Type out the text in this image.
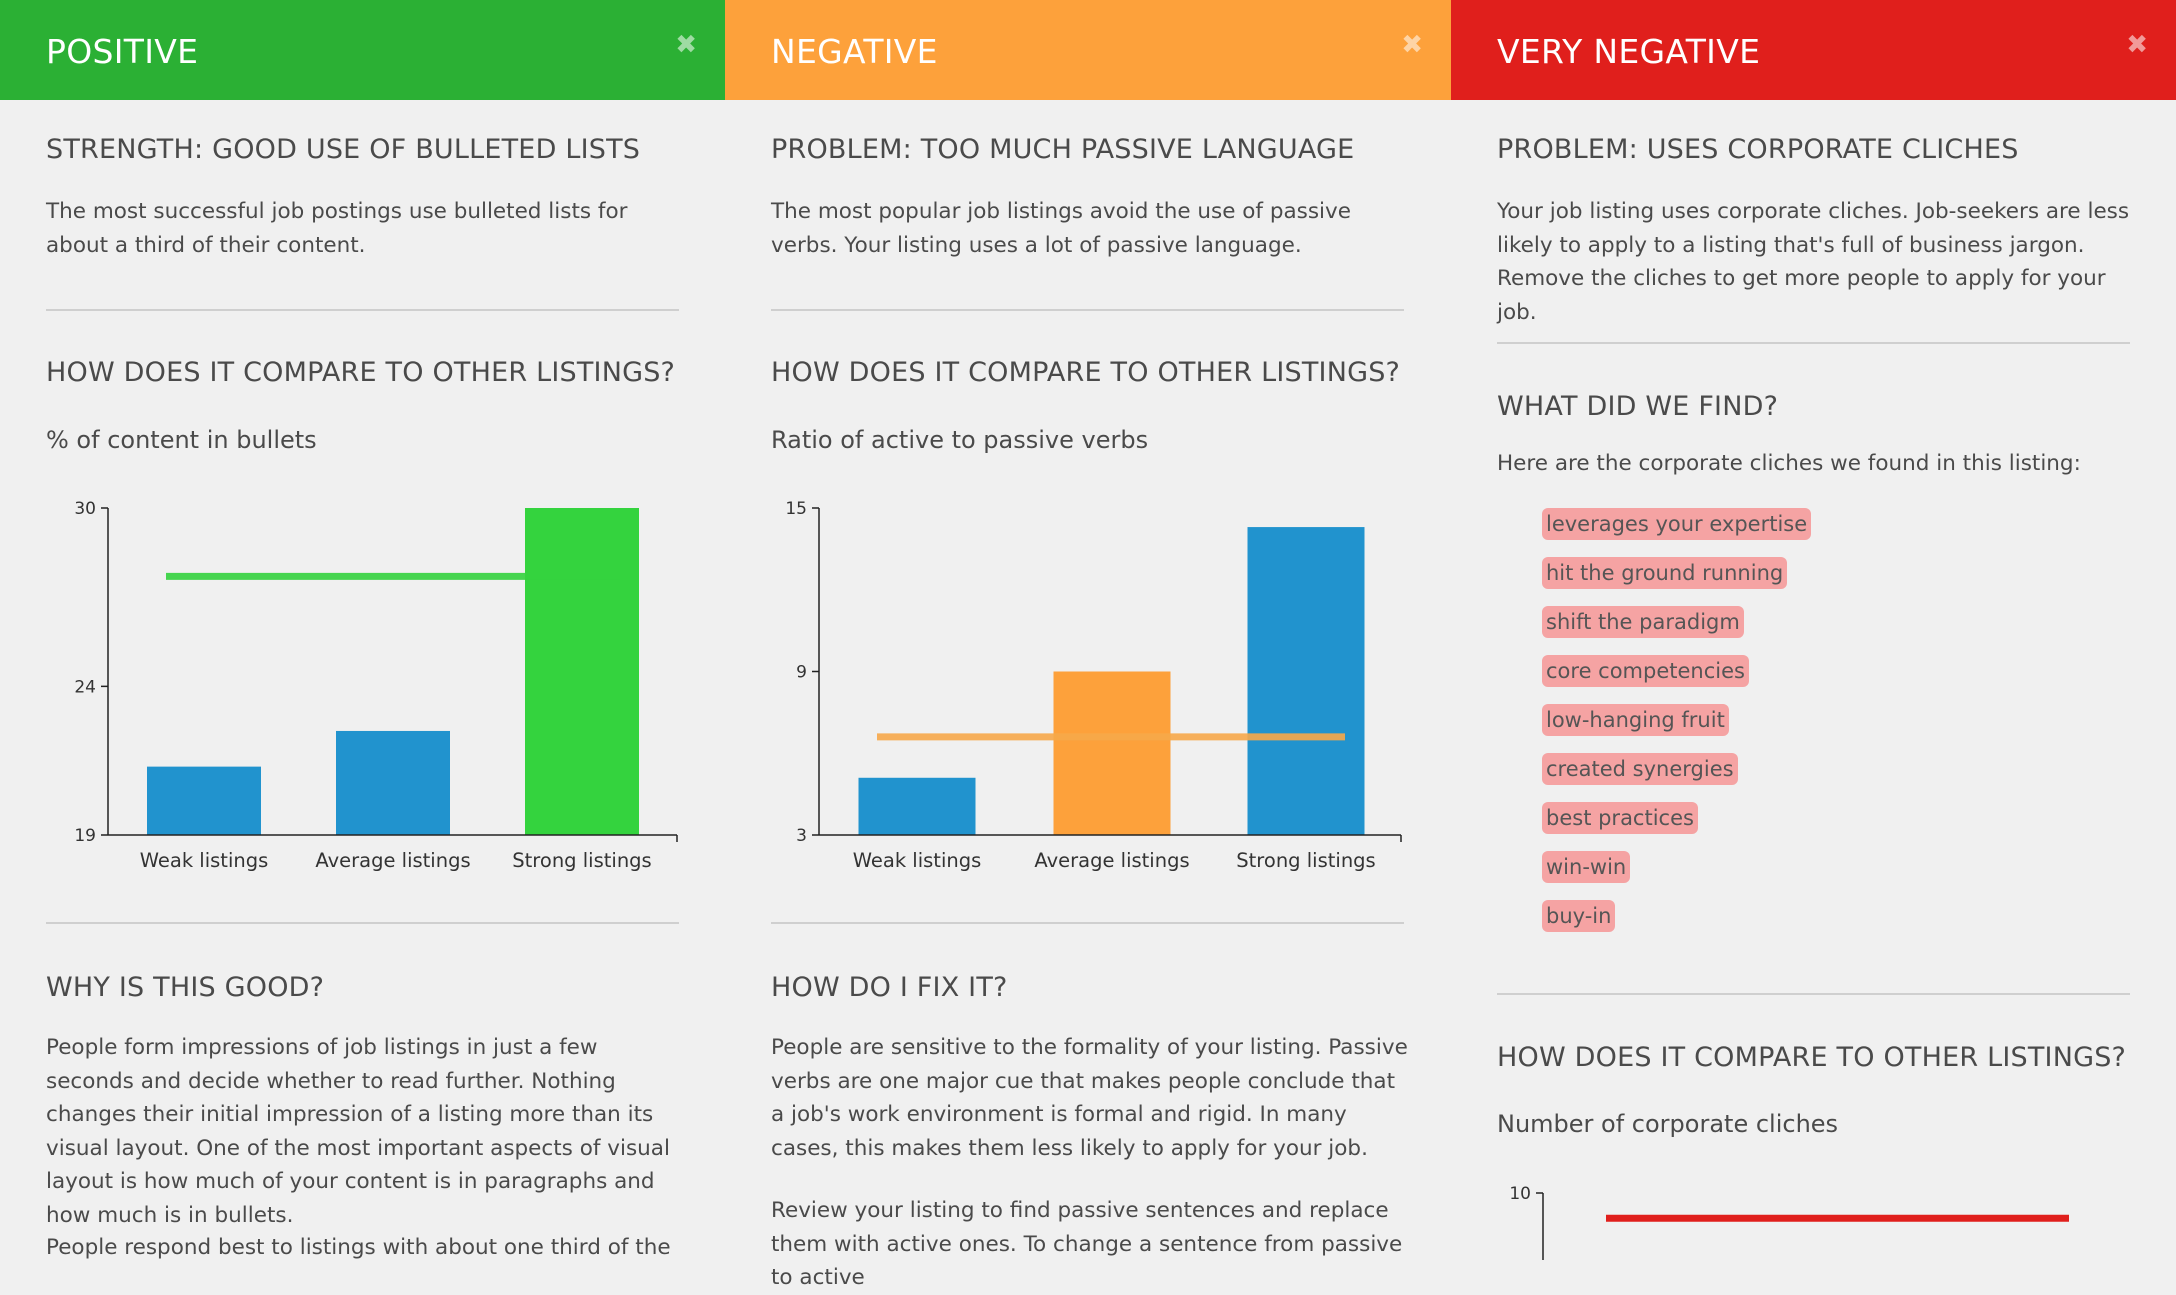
POSITIVE	✖
STRENGTH: GOOD USE OF BULLETED LISTS
The most successful job postings use bulleted lists for about a third of their content.
HOW DOES IT COMPARE TO OTHER LISTINGS?
% of content in bullets
19
24
30
Weak listings Average listings Strong listings
WHY IS THIS GOOD?
People form impressions of job listings in just a few seconds and decide whether to read further. Nothing changes their initial impression of a listing more than its visual layout. One of the most important aspects of visual layout is how much of your content is in paragraphs and how much is in bullets.
People respond best to listings with about one third of the
NEGATIVE	✖
PROBLEM: TOO MUCH PASSIVE LANGUAGE
The most popular job listings avoid the use of passive verbs. Your listing uses a lot of passive language.
HOW DOES IT COMPARE TO OTHER LISTINGS?
Ratio of active to passive verbs
3
9
15
Weak listings	Average listings Strong listings
HOW DO I FIX IT?
People are sensitive to the formality of your listing. Passive verbs are one major cue that makes people conclude that a job's work environment is formal and rigid. In many cases, this makes them less likely to apply for your job.
Review your listing to find passive sentences and replace them with active ones. To change a sentence from passive to active
VERY NEGATIVE	✖
PROBLEM: USES CORPORATE CLICHES
Your job listing uses corporate cliches. Job-seekers are less likely to apply to a listing that's full of business jargon. Remove the cliches to get more people to apply for your job.
WHAT DID WE FIND?
Here are the corporate cliches we found in this listing:
leverages your expertise
hit the ground running
shift the paradigm
core competencies
low-hanging fruit
created synergies
best practices
win-win
buy-in
HOW DOES IT COMPARE TO OTHER LISTINGS?
Number of corporate cliches
10
